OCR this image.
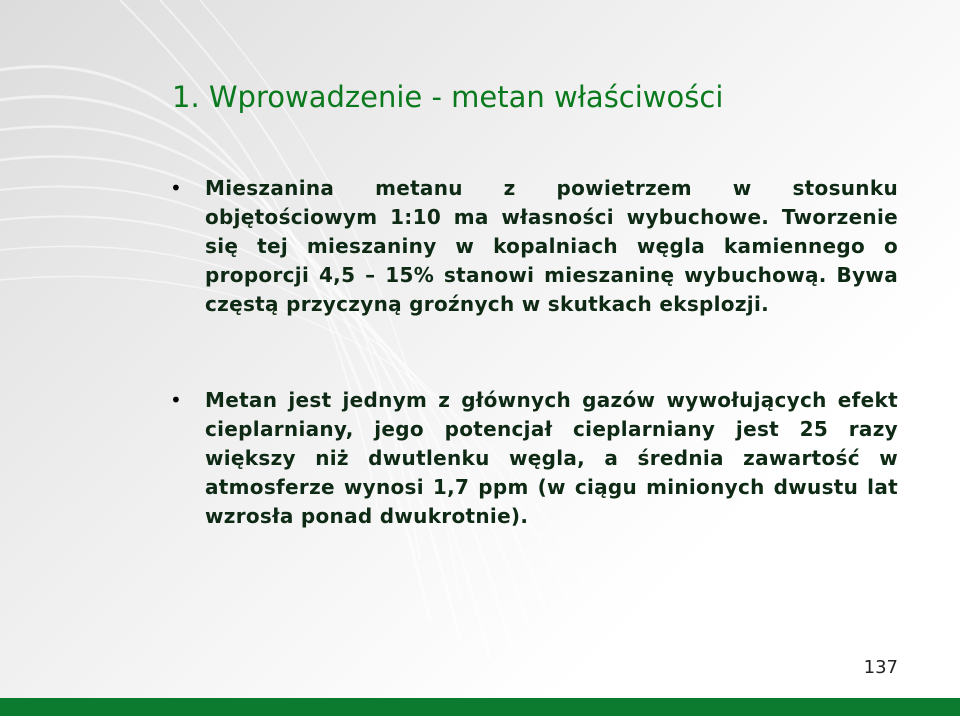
1. Wprowadzenie - metan właściwości
• Mieszanina metanu z powietrzem w stosunku objętościowym 1:10 ma własności wybuchowe. Tworzenie się tej mieszaniny w kopalniach węgla kamiennego o proporcji 4,5 – 15% stanowi mieszaninę wybuchową. Bywa częstą przyczyną groźnych w skutkach eksplozji.
• Metan jest jednym z głównych gazów wywołujących efekt cieplarniany, jego potencjał cieplarniany jest 25 razy większy niż dwutlenku węgla, a średnia zawartość w atmosferze wynosi 1,7 ppm (w ciągu minionych dwustu lat wzrosła ponad dwukrotnie).
137
